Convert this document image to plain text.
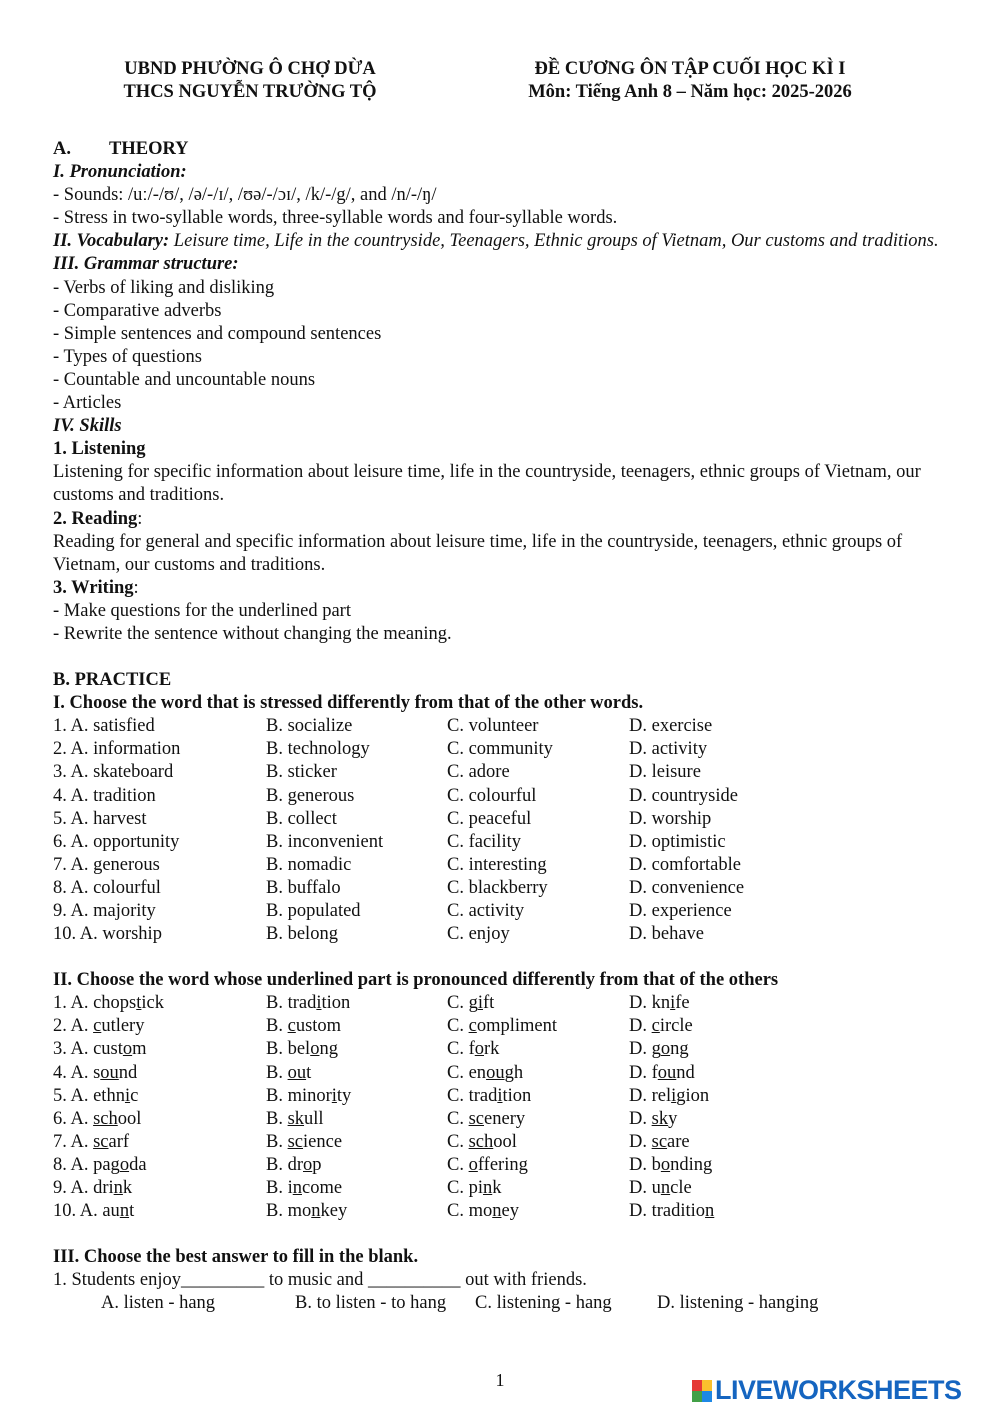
UBND PHƯỜNG Ô CHỢ DỪA
THCS NGUYỄN TRƯỜNG TỘ
ĐỀ CƯƠNG ÔN TẬP CUỐI HỌC KÌ I
Môn: Tiếng Anh 8 – Năm học: 2025-2026
A. THEORY
I. Pronunciation:
- Sounds: /uː/-/ʊ/, /ə/-/ɪ/, /ʊə/-/ɔɪ/, /k/-/g/, and /n/-/ŋ/
- Stress in two-syllable words, three-syllable words and four-syllable words.
II. Vocabulary: Leisure time, Life in the countryside, Teenagers, Ethnic groups of Vietnam, Our customs and traditions.
III. Grammar structure:
- Verbs of liking and disliking
- Comparative adverbs
- Simple sentences and compound sentences
- Types of questions
- Countable and uncountable nouns
- Articles
IV. Skills
1. Listening
Listening for specific information about leisure time, life in the countryside, teenagers, ethnic groups of Vietnam, our customs and traditions.
2. Reading:
Reading for general and specific information about leisure time, life in the countryside, teenagers, ethnic groups of Vietnam, our customs and traditions.
3. Writing:
- Make questions for the underlined part
- Rewrite the sentence without changing the meaning.
B. PRACTICE
I. Choose the word that is stressed differently from that of the other words.
1. A. satisfied	B. socialize	C. volunteer	D. exercise
2. A. information	B. technology	C. community	D. activity
3. A. skateboard	B. sticker	C. adore	D. leisure
4. A. tradition	B. generous	C. colourful	D. countryside
5. A. harvest	B. collect	C. peaceful	D. worship
6. A. opportunity	B. inconvenient	C. facility	D. optimistic
7. A. generous	B. nomadic	C. interesting	D. comfortable
8. A. colourful	B. buffalo	C. blackberry	D. convenience
9. A. majority	B. populated	C. activity	D. experience
10. A. worship	B. belong	C. enjoy	D. behave
II. Choose the word whose underlined part is pronounced differently from that of the others
1. A. chopstick	B. tradition	C. gift	D. knife
2. A. cutlery	B. custom	C. compliment	D. circle
3. A. custom	B. belong	C. fork	D. gong
4. A. sound	B. out	C. enough	D. found
5. A. ethnic	B. minority	C. tradition	D. religion
6. A. school	B. skull	C. scenery	D. sky
7. A. scarf	B. science	C. school	D. scare
8. A. pagoda	B. drop	C. offering	D. bonding
9. A. drink	B. income	C. pink	D. uncle
10. A. aunt	B. monkey	C. money	D. tradition
III. Choose the best answer to fill in the blank.
1. Students enjoy_________ to music and __________ out with friends.
A. listen - hang	B. to listen - to hang C. listening - hang D. listening - hanging
1	LIVEWORKSHEETS
